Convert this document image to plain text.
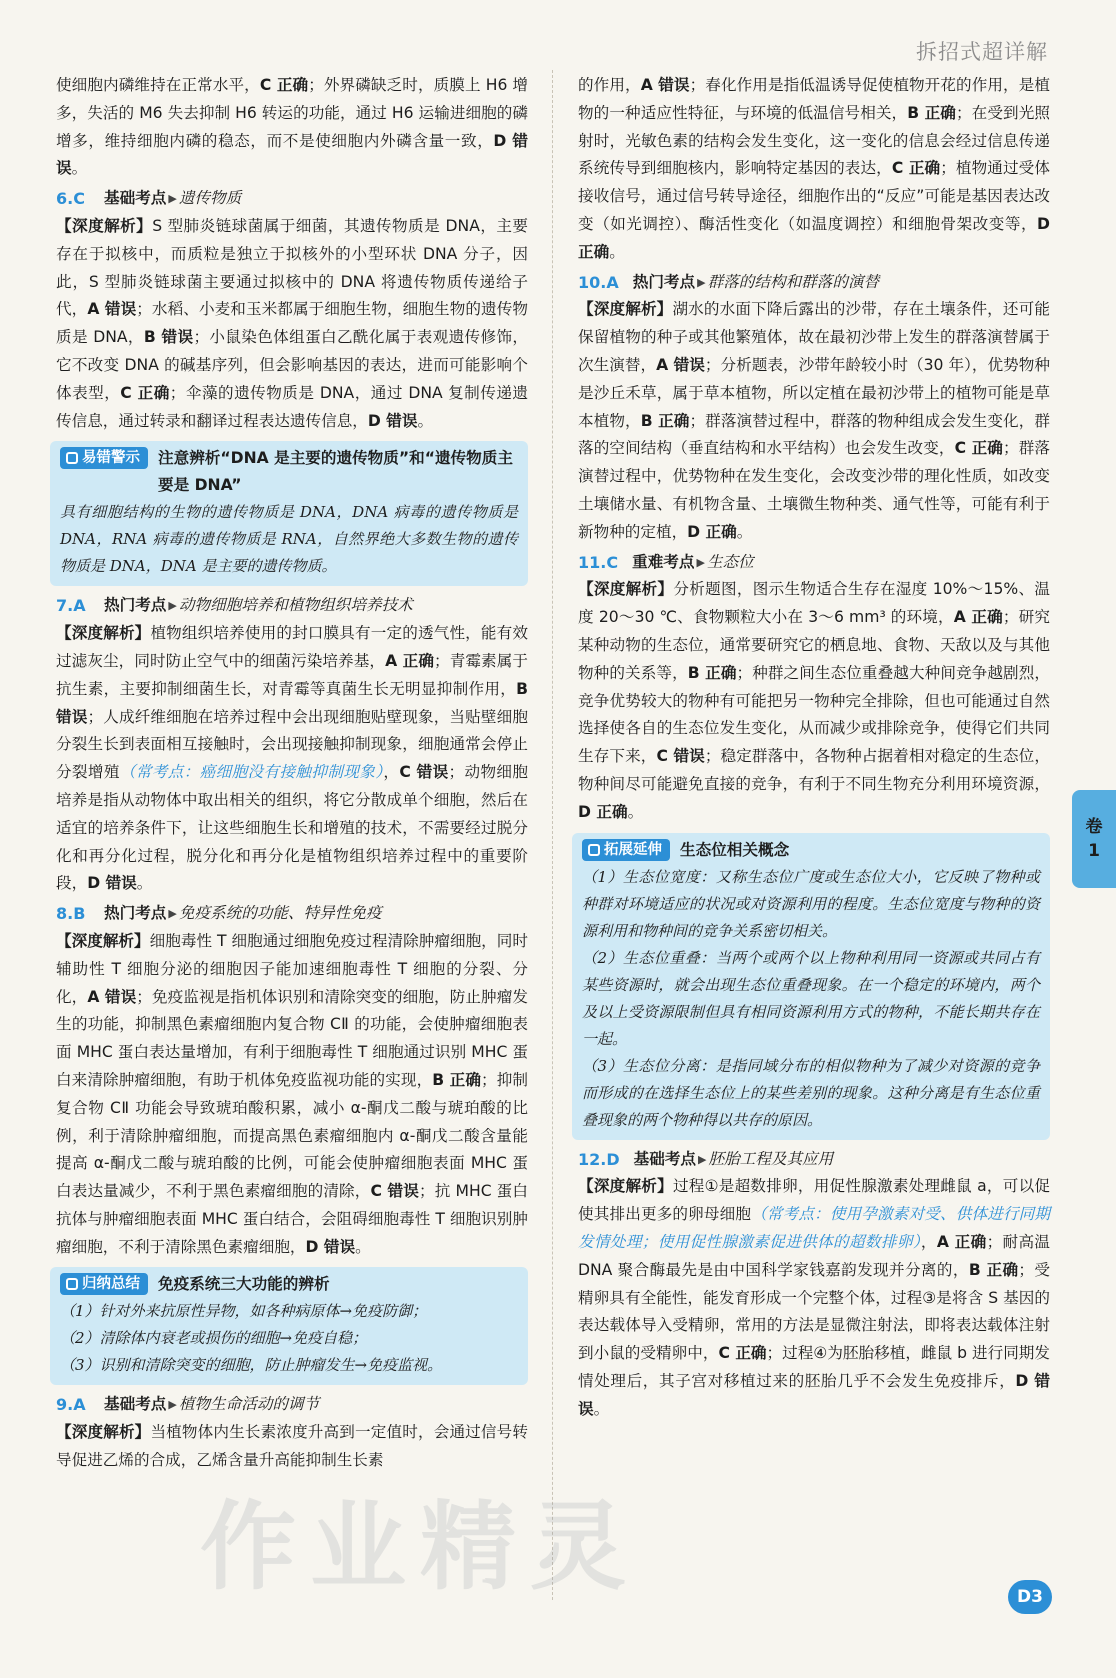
拆招式超详解

使细胞内磷维持在正常水平，C 正确；外界磷缺乏时，质膜上 H6 增多，失活的 M6 失去抑制 H6 转运的功能，通过 H6 运输进细胞的磷增多，维持细胞内磷的稳态，而不是使细胞内外磷含量一致，D 错误。

6.C	基础考点 ▶ 遗传物质

【深度解析】S 型肺炎链球菌属于细菌，其遗传物质是 DNA，主要存在于拟核中，而质粒是独立于拟核外的小型环状 DNA 分子，因此，S 型肺炎链球菌主要通过拟核中的 DNA 将遗传物质传递给子代，A 错误；水稻、小麦和玉米都属于细胞生物，细胞生物的遗传物质是 DNA，B 错误；小鼠染色体组蛋白乙酰化属于表观遗传修饰，它不改变 DNA 的碱基序列，但会影响基因的表达，进而可能影响个体表型，C 正确；伞藻的遗传物质是 DNA，通过 DNA 复制传递遗传信息，通过转录和翻译过程表达遗传信息，D 错误。

易错警示 注意辨析“DNA 是主要的遗传物质”和“遗传物质主要是 DNA”

具有细胞结构的生物的遗传物质是 DNA，DNA 病毒的遗传物质是 DNA，RNA 病毒的遗传物质是 RNA，自然界绝大多数生物的遗传物质是 DNA，DNA 是主要的遗传物质。

7.A 热门考点 ▶ 动物细胞培养和植物组织培养技术

【深度解析】植物组织培养使用的封口膜具有一定的透气性，能有效过滤灰尘，同时防止空气中的细菌污染培养基，A 正确；青霉素属于抗生素，主要抑制细菌生长，对青霉等真菌生长无明显抑制作用，B 错误；人成纤维细胞在培养过程中会出现细胞贴壁现象，当贴壁细胞分裂生长到表面相互接触时，会出现接触抑制现象，细胞通常会停止分裂增殖（常考点：癌细胞没有接触抑制现象），C 错误；动物细胞培养是指从动物体中取出相关的组织，将它分散成单个细胞，然后在适宜的培养条件下，让这些细胞生长和增殖的技术，不需要经过脱分化和再分化过程，脱分化和再分化是植物组织培养过程中的重要阶段，D 错误。

8.B 热门考点 ▶ 免疫系统的功能、特异性免疫

【深度解析】细胞毒性 T 细胞通过细胞免疫过程清除肿瘤细胞，同时辅助性 T 细胞分泌的细胞因子能加速细胞毒性 T 细胞的分裂、分化，A 错误；免疫监视是指机体识别和清除突变的细胞，防止肿瘤发生的功能，抑制黑色素瘤细胞内复合物 CⅡ 的功能，会使肿瘤细胞表面 MHC 蛋白表达量增加，有利于细胞毒性 T 细胞通过识别 MHC 蛋白来清除肿瘤细胞，有助于机体免疫监视功能的实现，B 正确；抑制复合物 CⅡ 功能会导致琥珀酸积累，减小 α-酮戊二酸与琥珀酸的比例，利于清除肿瘤细胞，而提高黑色素瘤细胞内 α-酮戊二酸含量能提高 α-酮戊二酸与琥珀酸的比例，可能会使肿瘤细胞表面 MHC 蛋白表达量减少，不利于黑色素瘤细胞的清除，C 错误；抗 MHC 蛋白抗体与肿瘤细胞表面 MHC 蛋白结合，会阻碍细胞毒性 T 细胞识别肿瘤细胞，不利于清除黑色素瘤细胞，D 错误。

归纳总结 免疫系统三大功能的辨析

（1）针对外来抗原性异物，如各种病原体→免疫防御；

（2）清除体内衰老或损伤的细胞→免疫自稳；

（3）识别和清除突变的细胞，防止肿瘤发生→免疫监视。

9.A 基础考点 ▶ 植物生命活动的调节

【深度解析】当植物体内生长素浓度升高到一定值时，会通过信号转导促进乙烯的合成，乙烯含量升高能抑制生长素

的作用，A 错误；春化作用是指低温诱导促使植物开花的作用，是植物的一种适应性特征，与环境的低温信号相关，B 正确；在受到光照射时，光敏色素的结构会发生变化，这一变化的信息会经过信息传递系统传导到细胞核内，影响特定基因的表达，C 正确；植物通过受体接收信号，通过信号转导途径，细胞作出的“反应”可能是基因表达改变（如光调控）、酶活性变化（如温度调控）和细胞骨架改变等，D 正确。

10.A 热门考点 ▶ 群落的结构和群落的演替

【深度解析】湖水的水面下降后露出的沙带，存在土壤条件，还可能保留植物的种子或其他繁殖体，故在最初沙带上发生的群落演替属于次生演替，A 错误；分析题表，沙带年龄较小时（30 年），优势物种是沙丘禾草，属于草本植物，所以定植在最初沙带上的植物可能是草本植物，B 正确；群落演替过程中，群落的物种组成会发生变化，群落的空间结构（垂直结构和水平结构）也会发生改变，C 正确；群落演替过程中，优势物种在发生变化，会改变沙带的理化性质，如改变土壤储水量、有机物含量、土壤微生物种类、通气性等，可能有利于新物种的定植，D 正确。

11.C 重难考点 ▶ 生态位

【深度解析】分析题图，图示生物适合生存在湿度 10%～15%、温度 20～30 ℃、食物颗粒大小在 3～6 mm³ 的环境，A 正确；研究某种动物的生态位，通常要研究它的栖息地、食物、天敌以及与其他物种的关系等，B 正确；种群之间生态位重叠越大种间竞争越剧烈，竞争优势较大的物种有可能把另一物种完全排除，但也可能通过自然选择使各自的生态位发生变化，从而减少或排除竞争，使得它们共同生存下来，C 错误；稳定群落中，各物种占据着相对稳定的生态位，物种间尽可能避免直接的竞争，有利于不同生物充分利用环境资源，D 正确。

拓展延伸 生态位相关概念

（1）生态位宽度：又称生态位广度或生态位大小，它反映了物种或种群对环境适应的状况或对资源利用的程度。生态位宽度与物种的资源利用和物种间的竞争关系密切相关。

（2）生态位重叠：当两个或两个以上物种利用同一资源或共同占有某些资源时，就会出现生态位重叠现象。在一个稳定的环境内，两个及以上受资源限制但具有相同资源利用方式的物种，不能长期共存在一起。

（3）生态位分离：是指同域分布的相似物种为了减少对资源的竞争而形成的在选择生态位上的某些差别的现象。这种分离是有生态位重叠现象的两个物种得以共存的原因。

12.D 基础考点 ▶ 胚胎工程及其应用

【深度解析】过程①是超数排卵，用促性腺激素处理雌鼠 a，可以促使其排出更多的卵母细胞（常考点：使用孕激素对受、供体进行同期发情处理；使用促性腺激素促进供体的超数排卵），A 正确；耐高温 DNA 聚合酶最先是由中国科学家钱嘉韵发现并分离的，B 正确；受精卵具有全能性，能发育形成一个完整个体，过程③是将含 S 基因的表达载体导入受精卵，常用的方法是显微注射法，即将表达载体注射到小鼠的受精卵中，C 正确；过程④为胚胎移植，雌鼠 b 进行同期发情处理后，其子宫对移植过来的胚胎几乎不会发生免疫排斥，D 错误。

卷
1
D3
作业精灵
